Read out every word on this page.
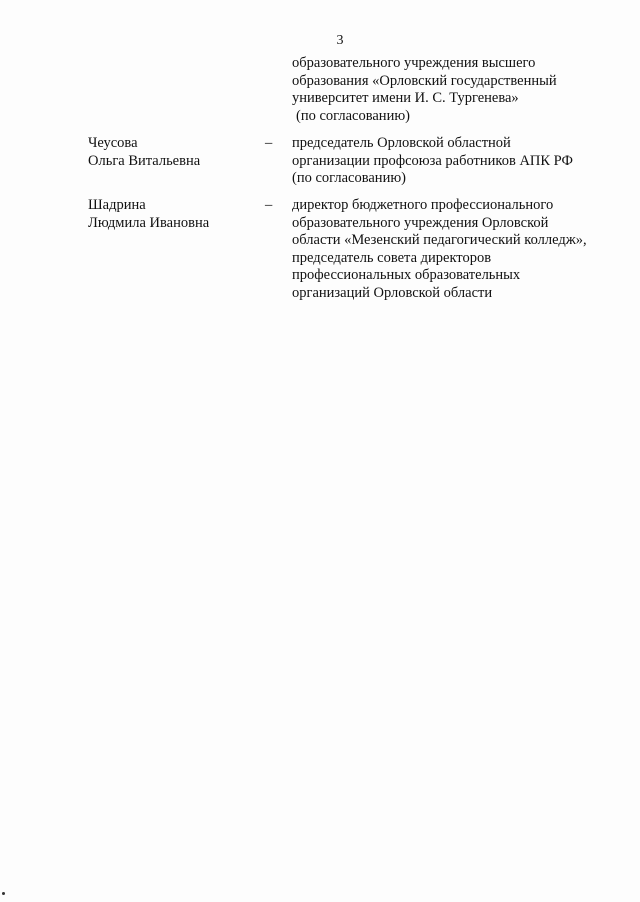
3
образовательного учреждения высшего
образования «Орловский государственный
университет имени И. С. Тургенева»
(по согласованию)
Чеусова
Ольга Витальевна
–	председатель Орловской областной
организации профсоюза работников АПК РФ
(по согласованию)
Шадрина
Людмила Ивановна
–	директор бюджетного профессионального
образовательного учреждения Орловской
области «Мезенский педагогический колледж»,
председатель совета директоров
профессиональных образовательных
организаций Орловской области
